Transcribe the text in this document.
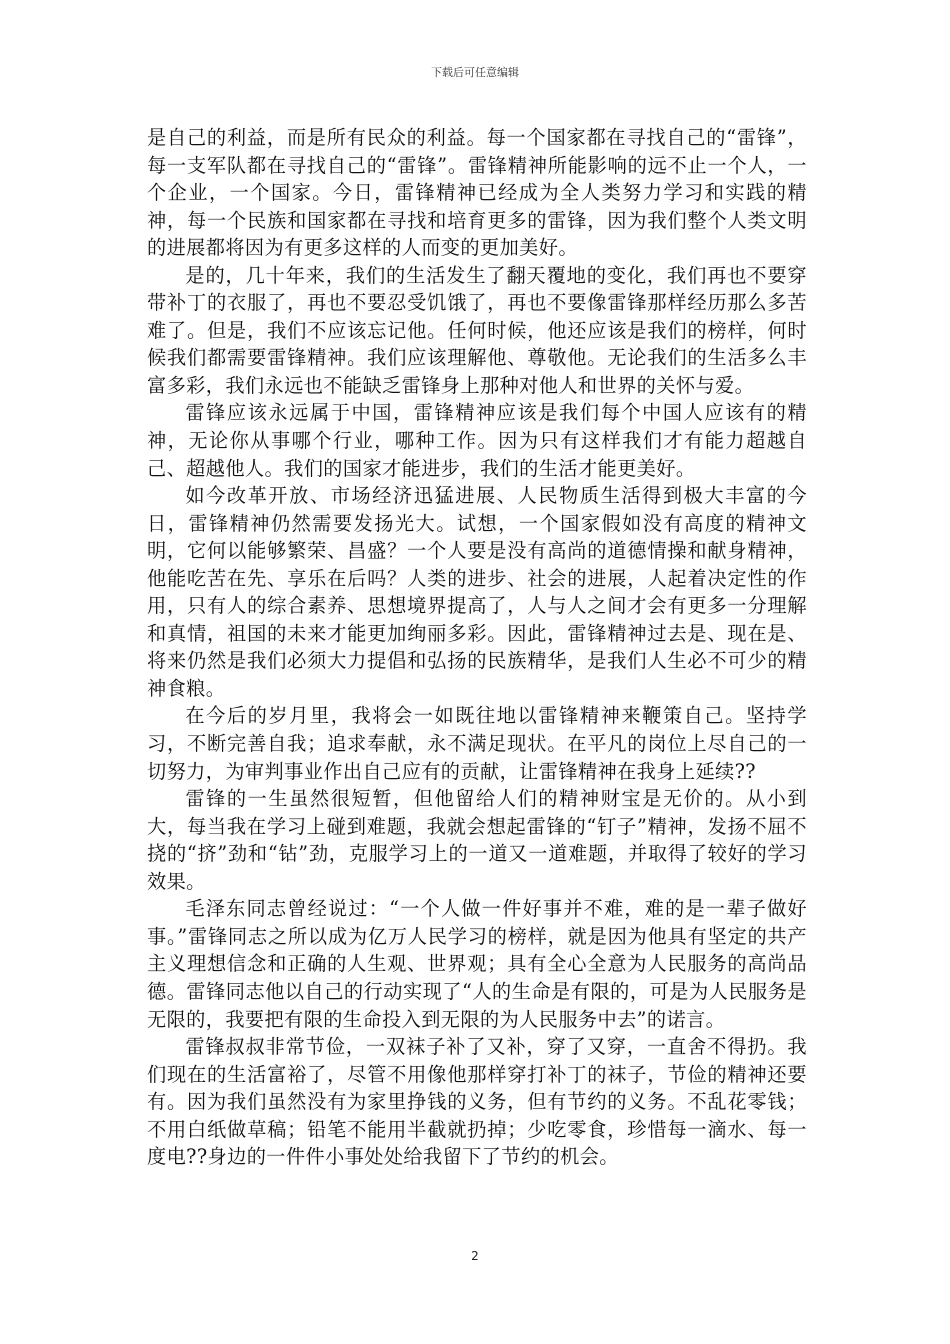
下载后可任意编辑

是自己的利益，而是所有民众的利益。每一个国家都在寻找自己的“雷锋”，每一支军队都在寻找自己的“雷锋”。雷锋精神所能影响的远不止一个人，一个企业，一个国家。今日，雷锋精神已经成为全人类努力学习和实践的精神，每一个民族和国家都在寻找和培育更多的雷锋，因为我们整个人类文明的进展都将因为有更多这样的人而变的更加美好。

是的，几十年来，我们的生活发生了翻天覆地的变化，我们再也不要穿带补丁的衣服了，再也不要忍受饥饿了，再也不要像雷锋那样经历那么多苦难了。但是，我们不应该忘记他。任何时候，他还应该是我们的榜样，何时候我们都需要雷锋精神。我们应该理解他、尊敬他。无论我们的生活多么丰富多彩，我们永远也不能缺乏雷锋身上那种对他人和世界的关怀与爱。

雷锋应该永远属于中国，雷锋精神应该是我们每个中国人应该有的精神，无论你从事哪个行业，哪种工作。因为只有这样我们才有能力超越自己、超越他人。我们的国家才能进步，我们的生活才能更美好。

如今改革开放、市场经济迅猛进展、人民物质生活得到极大丰富的今日，雷锋精神仍然需要发扬光大。试想，一个国家假如没有高度的精神文明，它何以能够繁荣、昌盛？一个人要是没有高尚的道德情操和献身精神，他能吃苦在先、享乐在后吗？人类的进步、社会的进展，人起着决定性的作用，只有人的综合素养、思想境界提高了，人与人之间才会有更多一分理解和真情，祖国的未来才能更加绚丽多彩。因此，雷锋精神过去是、现在是、将来仍然是我们必须大力提倡和弘扬的民族精华，是我们人生必不可少的精神食粮。

在今后的岁月里，我将会一如既往地以雷锋精神来鞭策自己。坚持学习，不断完善自我；追求奉献，永不满足现状。在平凡的岗位上尽自己的一切努力，为审判事业作出自己应有的贡献，让雷锋精神在我身上延续??

雷锋的一生虽然很短暂，但他留给人们的精神财宝是无价的。从小到大，每当我在学习上碰到难题，我就会想起雷锋的“钉子”精神，发扬不屈不挠的“挤”劲和“钻”劲，克服学习上的一道又一道难题，并取得了较好的学习效果。

毛泽东同志曾经说过：“一个人做一件好事并不难，难的是一辈子做好事。”雷锋同志之所以成为亿万人民学习的榜样，就是因为他具有坚定的共产主义理想信念和正确的人生观、世界观；具有全心全意为人民服务的高尚品德。雷锋同志他以自己的行动实现了“人的生命是有限的，可是为人民服务是无限的，我要把有限的生命投入到无限的为人民服务中去”的诺言。

雷锋叔叔非常节俭，一双袜子补了又补，穿了又穿，一直舍不得扔。我们现在的生活富裕了，尽管不用像他那样穿打补丁的袜子，节俭的精神还要有。因为我们虽然没有为家里挣钱的义务，但有节约的义务。不乱花零钱；不用白纸做草稿；铅笔不能用半截就扔掉；少吃零食，珍惜每一滴水、每一度电??身边的一件件小事处处给我留下了节约的机会。

2
